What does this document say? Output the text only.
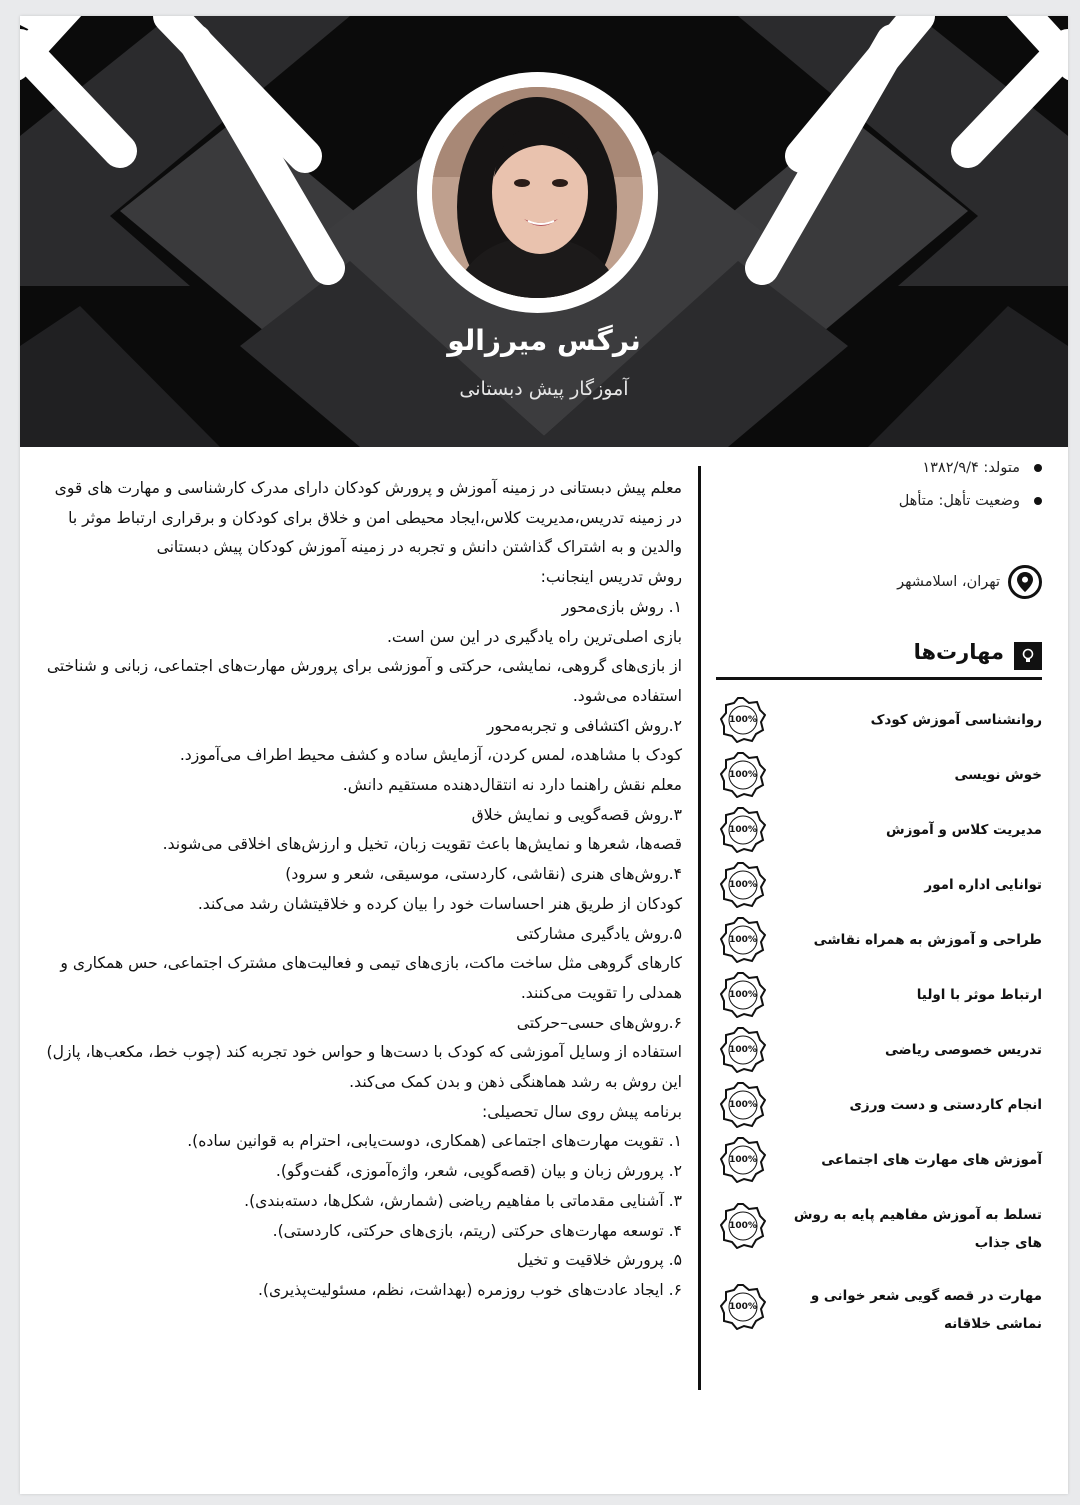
نرگس میرزالو
آموزگار پیش دبستانی
معلم پیش دبستانی در زمینه آموزش و پرورش کودکان دارای مدرک کارشناسی و مهارت های قوی در زمینه تدریس،مدیریت کلاس،ایجاد محیطی امن و خلاق برای کودکان و برقراری ارتباط موثر با والدین و به اشتراک گذاشتن دانش و تجربه در زمینه آموزش کودکان پیش دبستانی
روش تدریس اینجانب:
۱. روش بازی‌محور
بازی اصلی‌ترین راه یادگیری در این سن است.
از بازی‌های گروهی، نمایشی، حرکتی و آموزشی برای پرورش مهارت‌های اجتماعی، زبانی و شناختی استفاده می‌شود.
۲.روش اکتشافی و تجربه‌محور
کودک با مشاهده، لمس کردن، آزمایش ساده و کشف محیط اطراف می‌آموزد.
معلم نقش راهنما دارد نه انتقال‌دهنده مستقیم دانش.
۳.روش قصه‌گویی و نمایش خلاق
قصه‌ها، شعرها و نمایش‌ها باعث تقویت زبان، تخیل و ارزش‌های اخلاقی می‌شوند.
۴.روش‌های هنری (نقاشی، کاردستی، موسیقی، شعر و سرود)
کودکان از طریق هنر احساسات خود را بیان کرده و خلاقیتشان رشد می‌کند.
۵.روش یادگیری مشارکتی
کارهای گروهی مثل ساخت ماکت، بازی‌های تیمی و فعالیت‌های مشترک اجتماعی، حس همکاری و همدلی را تقویت می‌کنند.
۶.روش‌های حسی–حرکتی
استفاده از وسایل آموزشی که کودک با دست‌ها و حواس خود تجربه کند (چوب خط، مکعب‌ها، پازل)
این روش به رشد هماهنگی ذهن و بدن کمک می‌کند.
برنامه پیش روی سال تحصیلی:
۱. تقویت مهارت‌های اجتماعی (همکاری، دوست‌یابی، احترام به قوانین ساده).
۲. پرورش زبان و بیان (قصه‌گویی، شعر، واژه‌آموزی، گفت‌وگو).
۳. آشنایی مقدماتی با مفاهیم ریاضی (شمارش، شکل‌ها، دسته‌بندی).
۴. توسعه مهارت‌های حرکتی (ریتم، بازی‌های حرکتی، کاردستی).
۵. پرورش خلاقیت و تخیل
۶. ایجاد عادت‌های خوب روزمره (بهداشت، نظم، مسئولیت‌پذیری).
متولد: ۱۳۸۲/۹/۴
وضعیت تأهل: متأهل
تهران، اسلامشهر
مهارت‌ها
روانشناسی آموزش کودک
100%
خوش نویسی
100%
مدیریت کلاس و آموزش
100%
توانایی اداره امور
100%
طراحی و آموزش به همراه نقاشی
100%
ارتباط موثر با اولیا
100%
تدریس خصوصی ریاضی
100%
انجام کاردستی و دست ورزی
100%
آموزش های مهارت های اجتماعی
100%
تسلط به آموزش مفاهیم پایه به روش های جذاب
100%
مهارت در قصه گویی شعر خوانی و نماشی خلاقانه
100%
